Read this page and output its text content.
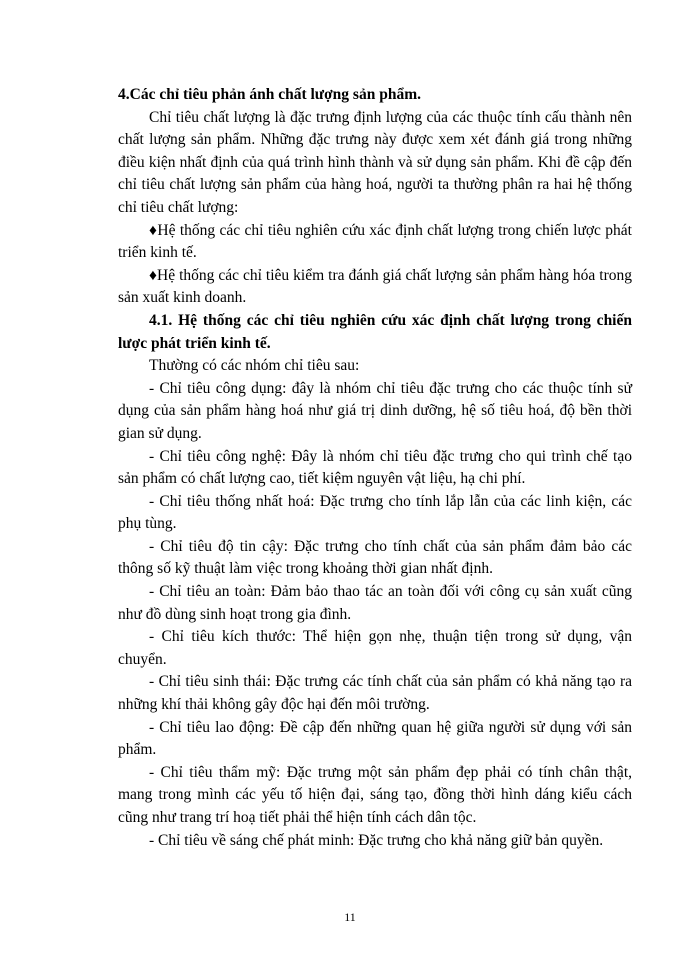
4.Các chỉ tiêu phản ánh chất lượng sản phẩm.

Chỉ tiêu chất lượng là đặc trưng định lượng của các thuộc tính cấu thành nên chất lượng sản phẩm. Những đặc trưng này được xem xét đánh giá trong những điều kiện nhất định của quá trình hình thành và sử dụng sản phẩm. Khi đề cập đến chỉ tiêu chất lượng sản phẩm của hàng hoá, người ta thường phân ra hai hệ thống chỉ tiêu chất lượng:

♦Hệ thống các chỉ tiêu nghiên cứu xác định chất lượng trong chiến lược phát triển kinh tế.

♦Hệ thống các chỉ tiêu kiểm tra đánh giá chất lượng sản phẩm hàng hóa trong sản xuất kinh doanh.

4.1. Hệ thống các chỉ tiêu nghiên cứu xác định chất lượng trong chiến lược phát triển kinh tế.

Thường có các nhóm chỉ tiêu sau:

- Chỉ tiêu công dụng: đây là nhóm chỉ tiêu đặc trưng cho các thuộc tính sử dụng của sản phẩm hàng hoá như giá trị dinh dưỡng, hệ số tiêu hoá, độ bền thời gian sử dụng.

- Chỉ tiêu công nghệ: Đây là nhóm chỉ tiêu đặc trưng cho qui trình chế tạo sản phẩm có chất lượng cao, tiết kiệm nguyên vật liệu, hạ chi phí.

- Chỉ tiêu thống nhất hoá: Đặc trưng cho tính lắp lẫn của các linh kiện, các phụ tùng.

- Chỉ tiêu độ tin cậy: Đặc trưng cho tính chất của sản phẩm đảm bảo các thông số kỹ thuật làm việc trong khoảng thời gian nhất định.

- Chỉ tiêu an toàn: Đảm bảo thao tác an toàn đối với công cụ sản xuất cũng như đồ dùng sinh hoạt trong gia đình.

- Chỉ tiêu kích thước: Thể hiện gọn nhẹ, thuận tiện trong sử dụng, vận chuyển.

- Chỉ tiêu sinh thái: Đặc trưng các tính chất của sản phẩm có khả năng tạo ra những khí thải không gây độc hại đến môi trường.

- Chỉ tiêu lao động: Đề cập đến những quan hệ giữa người sử dụng với sản phẩm.

- Chỉ tiêu thẩm mỹ: Đặc trưng một sản phẩm đẹp phải có tính chân thật, mang trong mình các yếu tố hiện đại, sáng tạo, đồng thời hình dáng kiểu cách cũng như trang trí hoạ tiết phải thể hiện tính cách dân tộc.

- Chỉ tiêu về sáng chế phát minh: Đặc trưng cho khả năng giữ bản quyền.

11
